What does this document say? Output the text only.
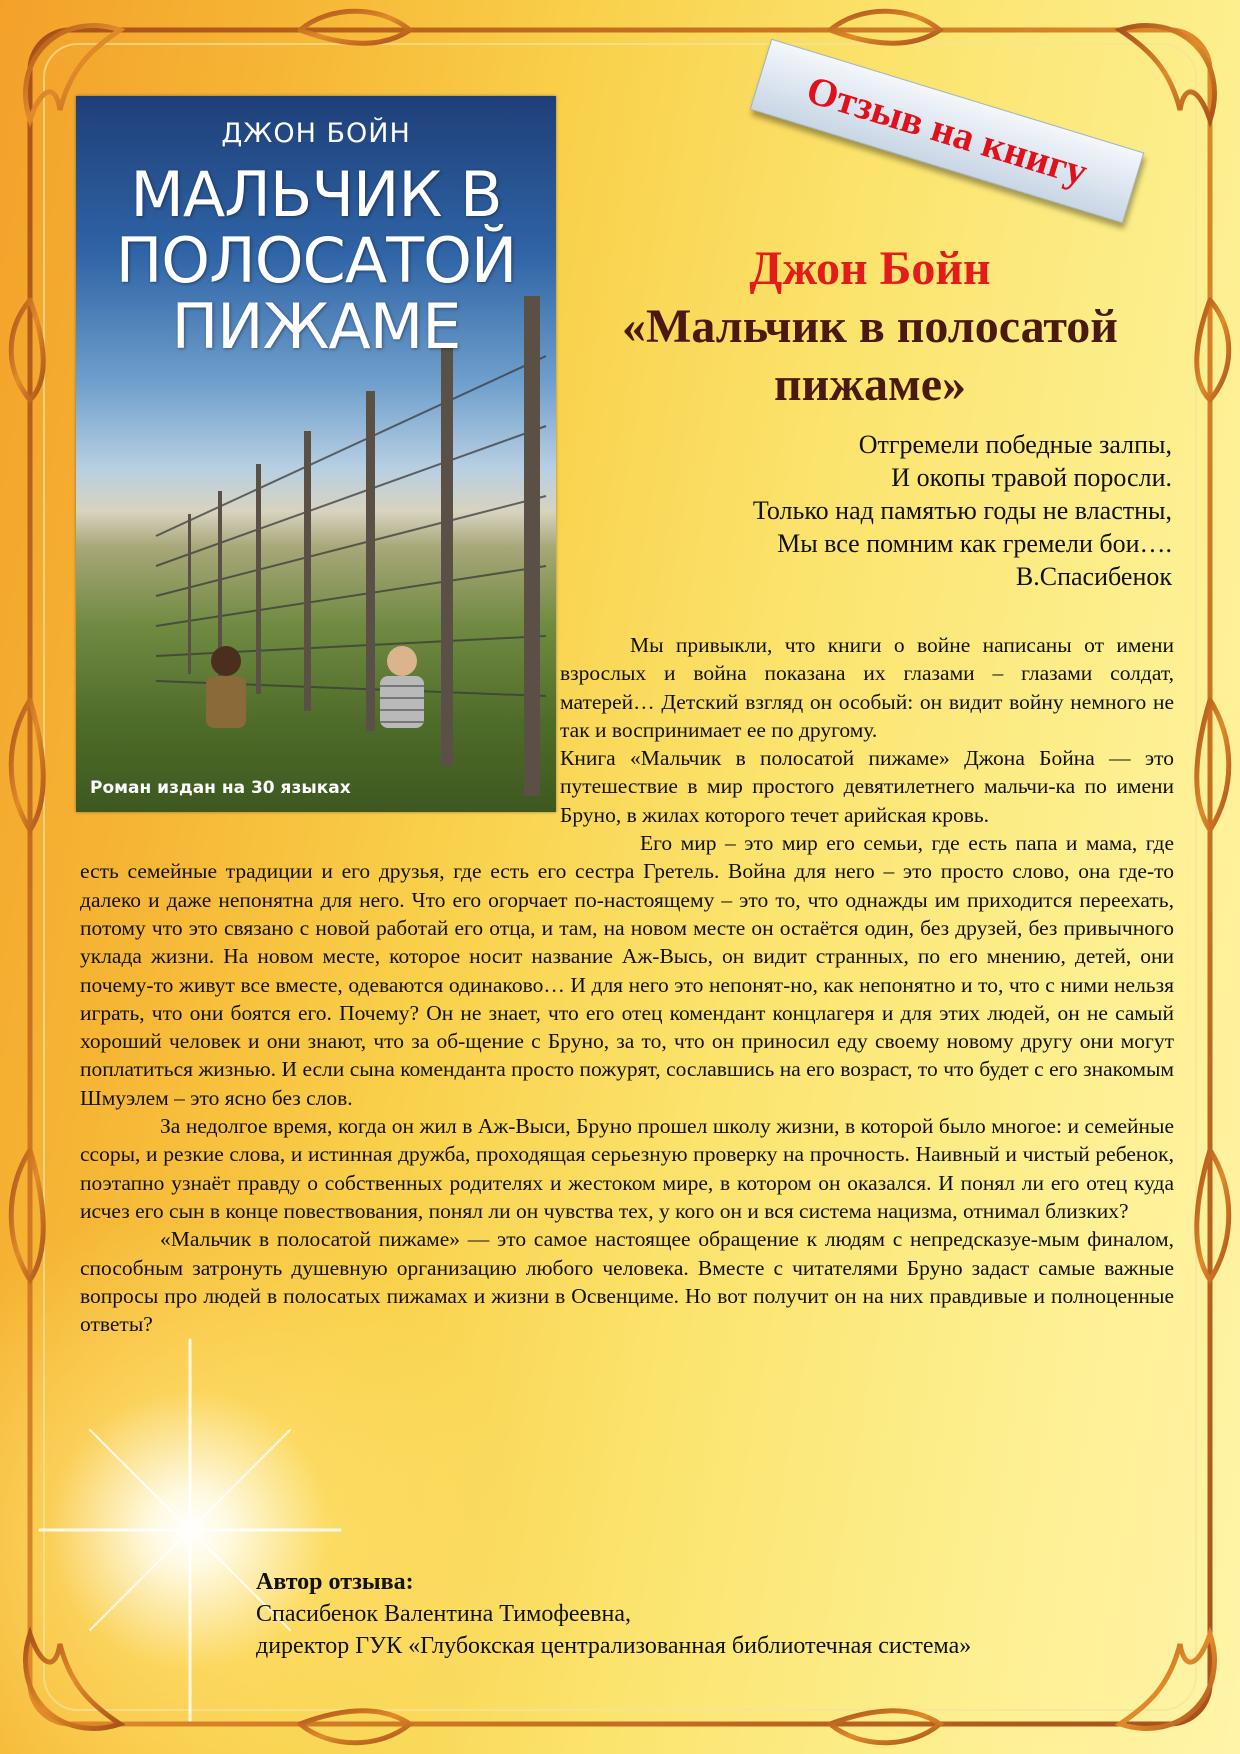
ДЖОН БОЙН
МАЛЬЧИК В
ПОЛОСАТОЙ
ПИЖАМЕ
Роман издан на 30 языках
Отзыв на книгу
Джон Бойн
«Мальчик в полосатой
пижаме»
Отгремели победные залпы,
И окопы травой поросли.
Только над памятью годы не властны,
Мы все помним как гремели бои….
В.Спасибенок

Мы привыкли, что книги о войне написаны от имени взрослых и война показана их глазами – глазами солдат, матерей… Детский взгляд он особый: он видит войну немного не так и воспринимает ее по другому.

Книга «Мальчик в полосатой пижаме» Джона Бойна — это путешествие в мир простого девятилетнего мальчи-ка по имени Бруно, в жилах которого течет арийская кровь.

Его мир – это мир его семьи, где есть папа и мама, где есть семейные традиции и его друзья, где есть его сестра Гретель. Война для него – это просто слово, она где-то далеко и даже непонятна для него. Что его огорчает по-настоящему – это то, что однажды им приходится переехать, потому что это связано с новой работай его отца, и там, на новом месте он остаётся один, без друзей, без привычного уклада жизни. На новом месте, которое носит название Аж-Высь, он видит странных, по его мнению, детей, они почему-то живут все вместе, одеваются одинаково… И для него это непонят-но, как непонятно и то, что с ними нельзя играть, что они боятся его. Почему? Он не знает, что его отец комендант концлагеря и для этих людей, он не самый хороший человек и они знают, что за об-щение с Бруно, за то, что он приносил еду своему новому другу они могут поплатиться жизнью. И если сына коменданта просто пожурят, сославшись на его возраст, то что будет с его знакомым Шмуэлем – это ясно без слов.

За недолгое время, когда он жил в Аж-Выси, Бруно прошел школу жизни, в которой было многое: и семейные ссоры, и резкие слова, и истинная дружба, проходящая серьезную проверку на прочность. Наивный и чистый ребенок, поэтапно узнаёт правду о собственных родителях и жестоком мире, в котором он оказался. И понял ли его отец куда исчез его сын в конце повествования, понял ли он чувства тех, у кого он и вся система нацизма, отнимал близких?

«Мальчик в полосатой пижаме» — это самое настоящее обращение к людям с непредсказуе-мым финалом, способным затронуть душевную организацию любого человека. Вместе с читателями Бруно задаст самые важные вопросы про людей в полосатых пижамах и жизни в Освенциме. Но вот получит он на них правдивые и полноценные ответы?

Автор отзыва:
Спасибенок Валентина Тимофеевна,
директор ГУК «Глубокская централизованная библиотечная система»
